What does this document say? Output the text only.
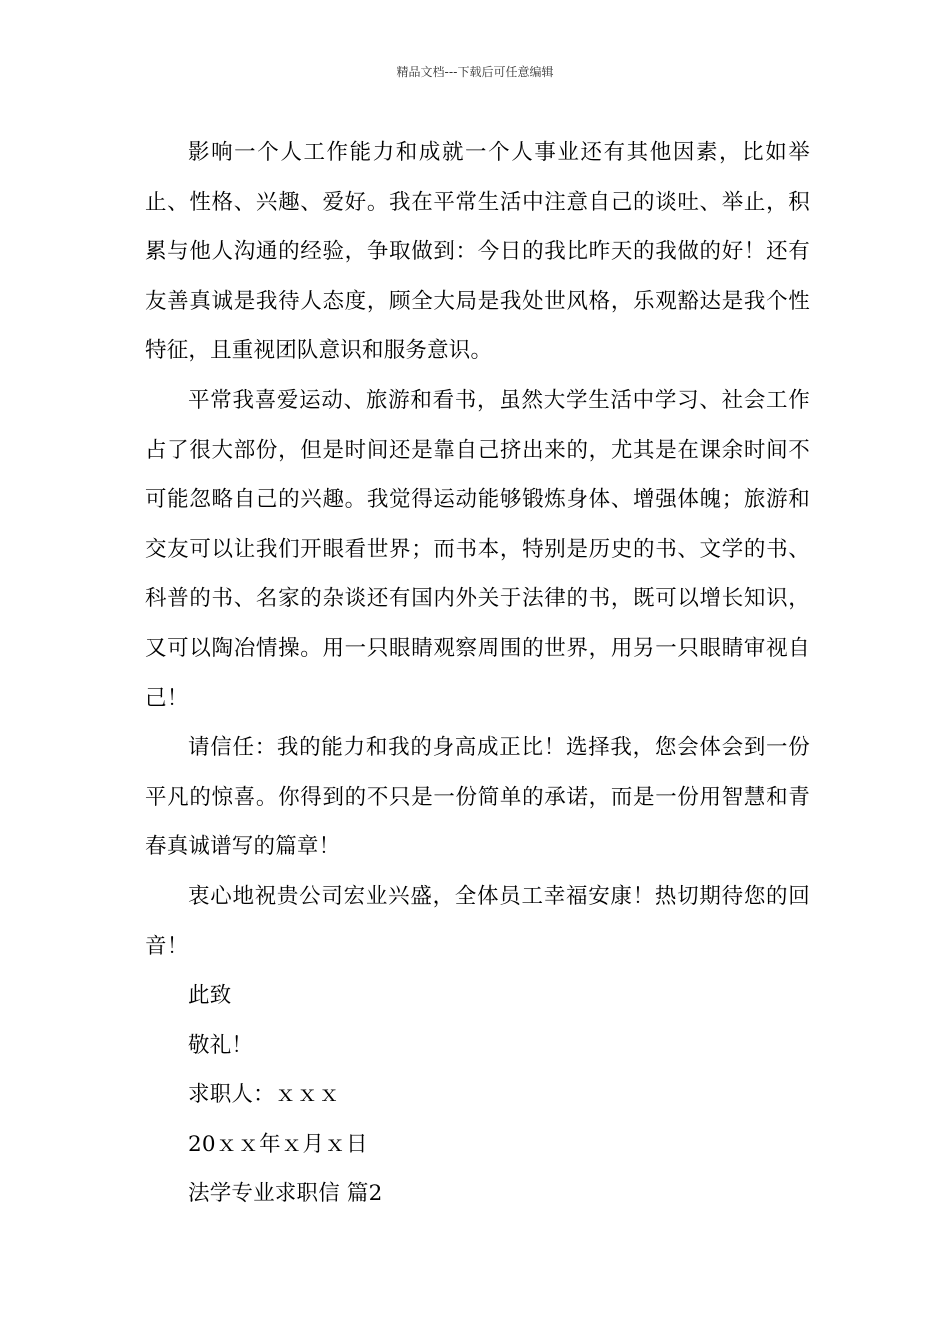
精品文档---下载后可任意编辑

影响一个人工作能力和成就一个人事业还有其他因素，比如举止、性格、兴趣、爱好。我在平常生活中注意自己的谈吐、举止，积累与他人沟通的经验，争取做到：今日的我比昨天的我做的好！还有友善真诚是我待人态度，顾全大局是我处世风格，乐观豁达是我个性特征，且重视团队意识和服务意识。

平常我喜爱运动、旅游和看书，虽然大学生活中学习、社会工作占了很大部份，但是时间还是靠自己挤出来的，尤其是在课余时间不可能忽略自己的兴趣。我觉得运动能够锻炼身体、增强体魄；旅游和交友可以让我们开眼看世界；而书本，特别是历史的书、文学的书、科普的书、名家的杂谈还有国内外关于法律的书，既可以增长知识，又可以陶冶情操。用一只眼睛观察周围的世界，用另一只眼睛审视自己！

请信任：我的能力和我的身高成正比！选择我，您会体会到一份平凡的惊喜。你得到的不只是一份简单的承诺，而是一份用智慧和青春真诚谱写的篇章！

衷心地祝贵公司宏业兴盛，全体员工幸福安康！热切期待您的回音！

此致

敬礼！

求职人：ｘｘｘ

20ｘｘ年ｘ月ｘ日

法学专业求职信 篇2
